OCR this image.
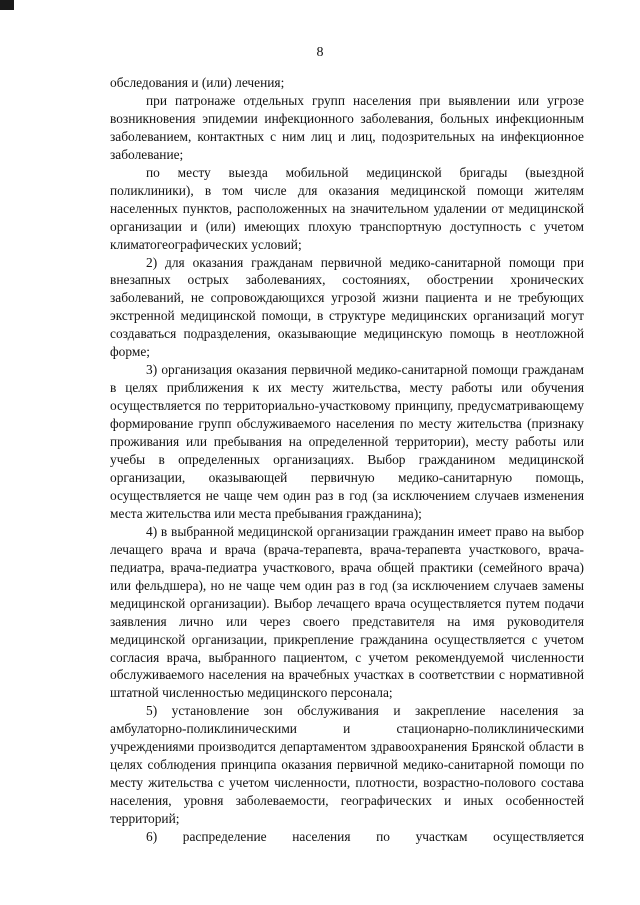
8

обследования и (или) лечения;

при патронаже отдельных групп населения при выявлении или угрозе возникновения эпидемии инфекционного заболевания, больных инфекционным заболеванием, контактных с ним лиц и лиц, подозрительных на инфекционное заболевание;

по месту выезда мобильной медицинской бригады (выездной поликлиники), в том числе для оказания медицинской помощи жителям населенных пунктов, расположенных на значительном удалении от медицинской организации и (или) имеющих плохую транспортную доступность с учетом климатогеографических условий;

2) для оказания гражданам первичной медико-санитарной помощи при внезапных острых заболеваниях, состояниях, обострении хронических заболеваний, не сопровождающихся угрозой жизни пациента и не требующих экстренной медицинской помощи, в структуре медицинских организаций могут создаваться подразделения, оказывающие медицинскую помощь в неотложной форме;

3) организация оказания первичной медико-санитарной помощи гражданам в целях приближения к их месту жительства, месту работы или обучения осуществляется по территориально-участковому принципу, предусматривающему формирование групп обслуживаемого населения по месту жительства (признаку проживания или пребывания на определенной территории), месту работы или учебы в определенных организациях. Выбор гражданином медицинской организации, оказывающей первичную медико-санитарную помощь, осуществляется не чаще чем один раз в год (за исключением случаев изменения места жительства или места пребывания гражданина);

4) в выбранной медицинской организации гражданин имеет право на выбор лечащего врача и врача (врача-терапевта, врача-терапевта участкового, врача-педиатра, врача-педиатра участкового, врача общей практики (семейного врача) или фельдшера), но не чаще чем один раз в год (за исключением случаев замены медицинской организации). Выбор лечащего врача осуществляется путем подачи заявления лично или через своего представителя на имя руководителя медицинской организации, прикрепление гражданина осуществляется с учетом согласия врача, выбранного пациентом, с учетом рекомендуемой численности обслуживаемого населения на врачебных участках в соответствии с нормативной штатной численностью медицинского персонала;

5) установление зон обслуживания и закрепление населения за амбулаторно-поликлиническими и стационарно-поликлиническими учреждениями производится департаментом здравоохранения Брянской области в целях соблюдения принципа оказания первичной медико-санитарной помощи по месту жительства с учетом численности, плотности, возрастно-полового состава населения, уровня заболеваемости, географических и иных особенностей территорий;

6) распределение населения по участкам осуществляется
